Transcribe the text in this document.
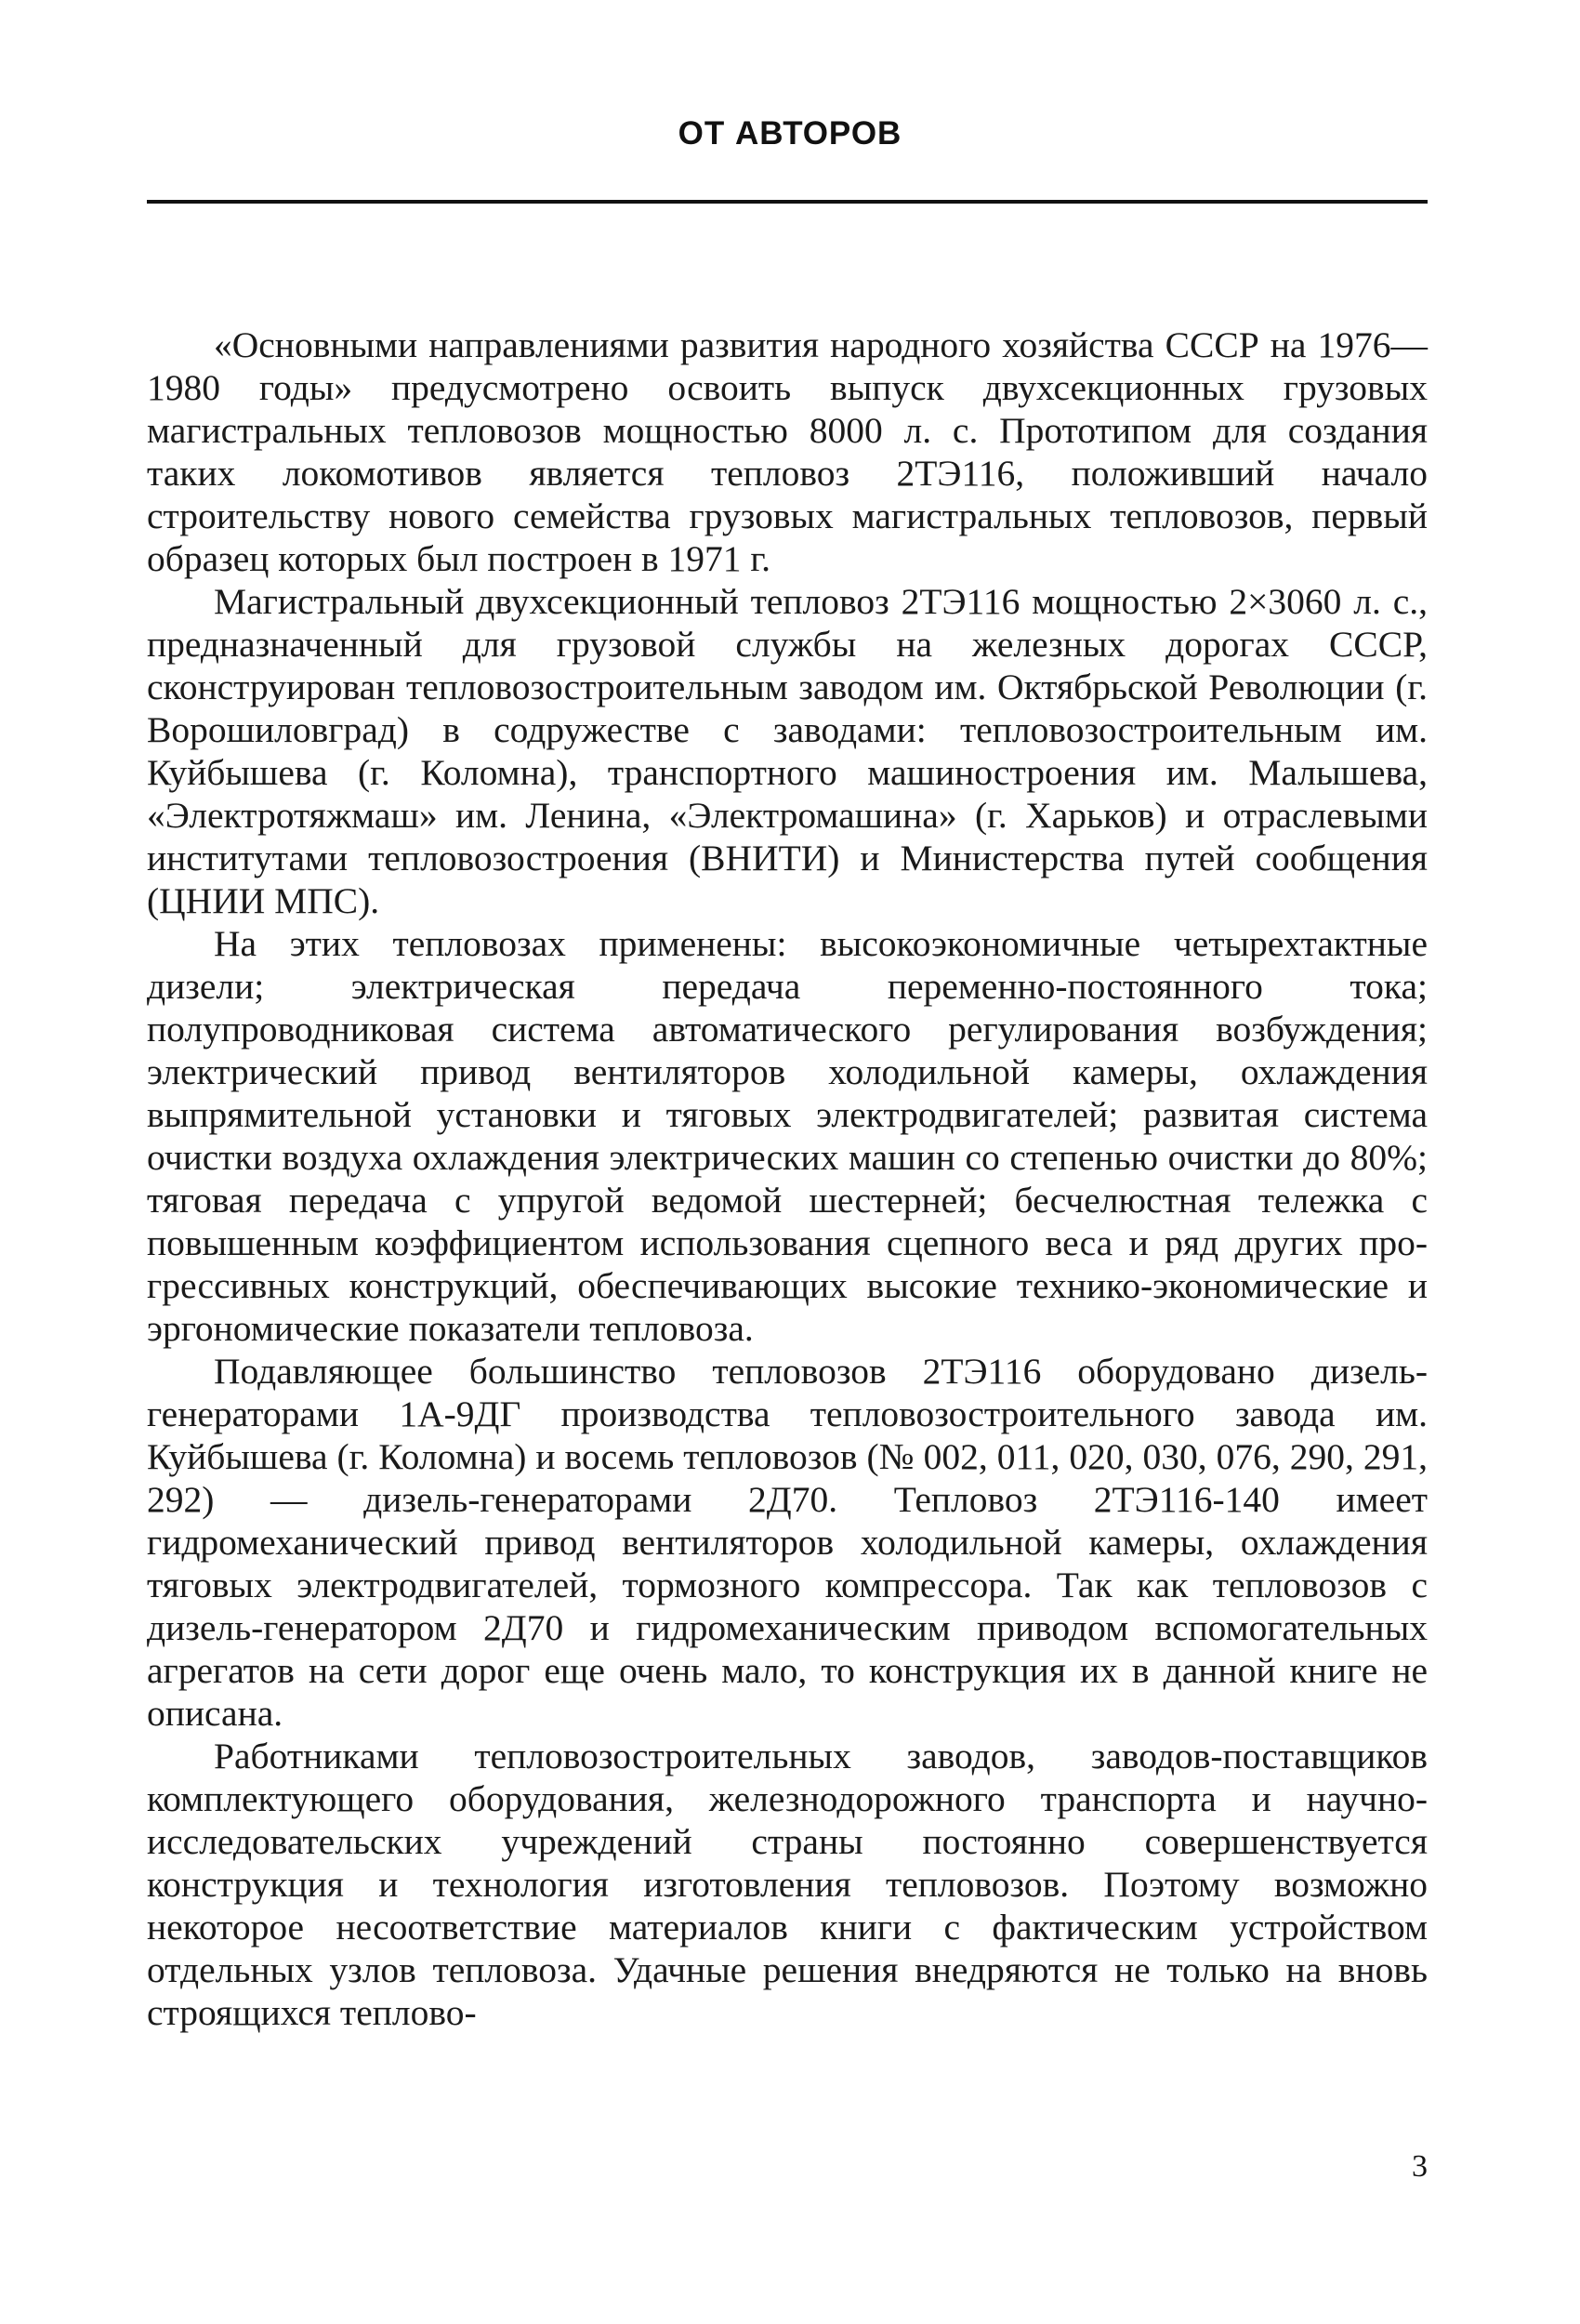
ОТ АВТОРОВ

«Основными направлениями развития народного хозяйства СССР на 1976—1980 годы» предусмотрено освоить выпуск двухсекционных грузовых магистральных тепловозов мощностью 8000 л. с. Прототипом для создания таких локомотивов является тепловоз 2ТЭ116, положивший начало строительству нового семейства грузовых магистральных тепловозов, первый образец которых был построен в 1971 г.

Магистральный двухсекционный тепловоз 2ТЭ116 мощностью 2×3060 л. с., предназначенный для грузовой службы на железных дорогах СССР, сконструирован тепловозостроительным заводом им. Октябрьской Революции (г. Ворошиловград) в содружестве с заводами: тепловозостроительным им. Куйбышева (г. Коломна), транспортного машиностроения им. Малышева, «Электротяжмаш» им. Ленина, «Электромашина» (г. Харьков) и отраслевыми институтами тепловозостроения (ВНИТИ) и Министерства путей сообщения (ЦНИИ МПС).

На этих тепловозах применены: высокоэкономичные четырехтактные дизели; электрическая передача переменно-постоянного тока; полупроводниковая система автоматического регулирования возбуждения; электрический привод вентиляторов холодильной камеры, охлаждения выпрямительной установки и тяговых электродвигателей; развитая система очистки воздуха охлаждения электрических машин со степенью очистки до 80%; тяговая передача с упругой ведомой шестерней; бесчелюстная тележка с повышенным коэффициентом использования сцепного веса и ряд других прогрессивных конструкций, обеспечивающих высокие технико-экономические и эргономические показатели тепловоза.

Подавляющее большинство тепловозов 2ТЭ116 оборудовано дизель-генераторами 1А-9ДГ производства тепловозостроительного завода им. Куйбышева (г. Коломна) и восемь тепловозов (№ 002, 011, 020, 030, 076, 290, 291, 292) — дизель-генераторами 2Д70. Тепловоз 2ТЭ116-140 имеет гидромеханический привод вентиляторов холодильной камеры, охлаждения тяговых электродвигателей, тормозного компрессора. Так как тепловозов с дизель-генератором 2Д70 и гидромеханическим приводом вспомогательных агрегатов на сети дорог еще очень мало, то конструкция их в данной книге не описана.

Работниками тепловозостроительных заводов, заводов-поставщиков комплектующего оборудования, железнодорожного транспорта и научно-исследовательских учреждений страны постоянно совершенствуется конструкция и технология изготовления тепловозов. Поэтому возможно некоторое несоответствие материалов книги с фактическим устройством отдельных узлов тепловоза. Удачные решения внедряются не только на вновь строящихся теплово-

3
